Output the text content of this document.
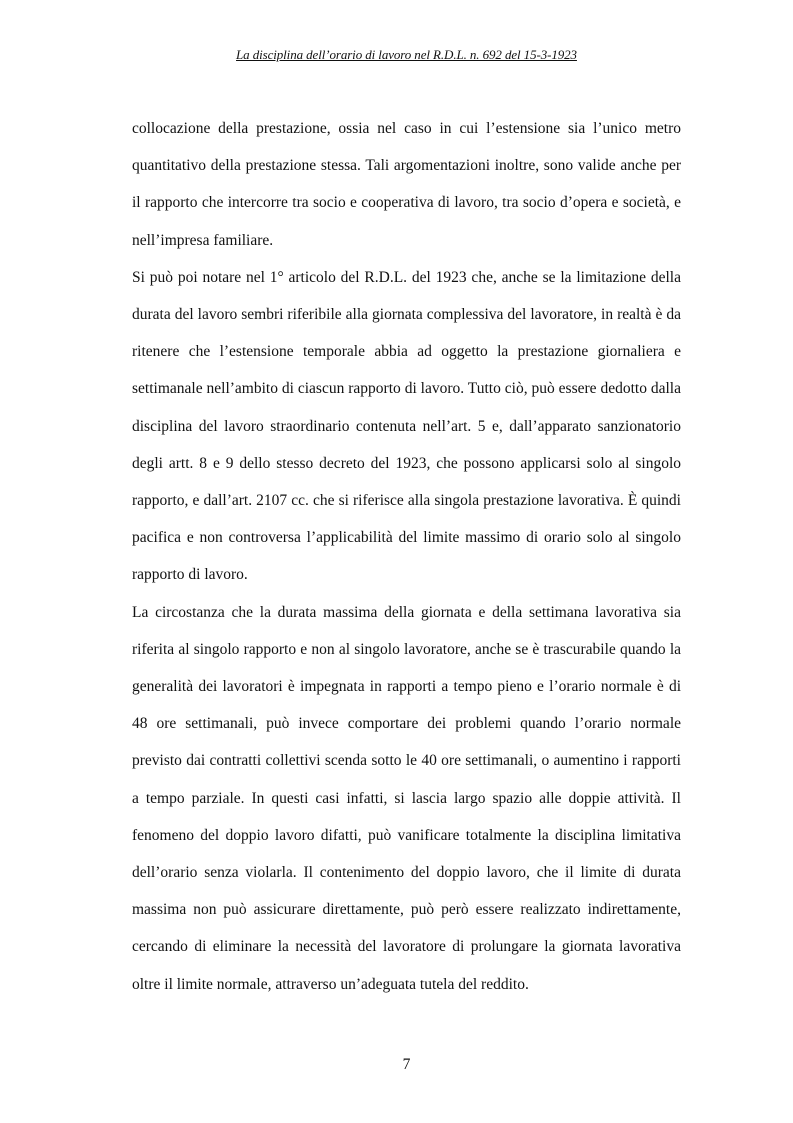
La disciplina dell’orario di lavoro nel R.D.L. n. 692 del 15-3-1923

collocazione della prestazione, ossia nel caso in cui l’estensione sia l’unico metro quantitativo della prestazione stessa. Tali argomentazioni inoltre, sono valide anche per il rapporto che intercorre tra socio e cooperativa di lavoro, tra socio d’opera e società, e nell’impresa familiare.

Si può poi notare nel 1° articolo del R.D.L. del 1923 che, anche se la limitazione della durata del lavoro sembri riferibile alla giornata complessiva del lavoratore, in realtà è da ritenere che l’estensione temporale abbia ad oggetto la prestazione giornaliera e settimanale nell’ambito di ciascun rapporto di lavoro. Tutto ciò, può essere dedotto dalla disciplina del lavoro straordinario contenuta nell’art. 5 e, dall’apparato sanzionatorio degli artt. 8 e 9 dello stesso decreto del 1923, che possono applicarsi solo al singolo rapporto, e dall’art. 2107 cc. che si riferisce alla singola prestazione lavorativa. È quindi pacifica e non controversa l’applicabilità del limite massimo di orario solo al singolo rapporto di lavoro.

La circostanza che la durata massima della giornata e della settimana lavorativa sia riferita al singolo rapporto e non al singolo lavoratore, anche se è trascurabile quando la generalità dei lavoratori è impegnata in rapporti a tempo pieno e l’orario normale è di 48 ore settimanali, può invece comportare dei problemi quando l’orario normale previsto dai contratti collettivi scenda sotto le 40 ore settimanali, o aumentino i rapporti a tempo parziale. In questi casi infatti, si lascia largo spazio alle doppie attività. Il fenomeno del doppio lavoro difatti, può vanificare totalmente la disciplina limitativa dell’orario senza violarla. Il contenimento del doppio lavoro, che il limite di durata massima non può assicurare direttamente, può però essere realizzato indirettamente, cercando di eliminare la necessità del lavoratore di prolungare la giornata lavorativa oltre il limite normale, attraverso un’adeguata tutela del reddito.

7
